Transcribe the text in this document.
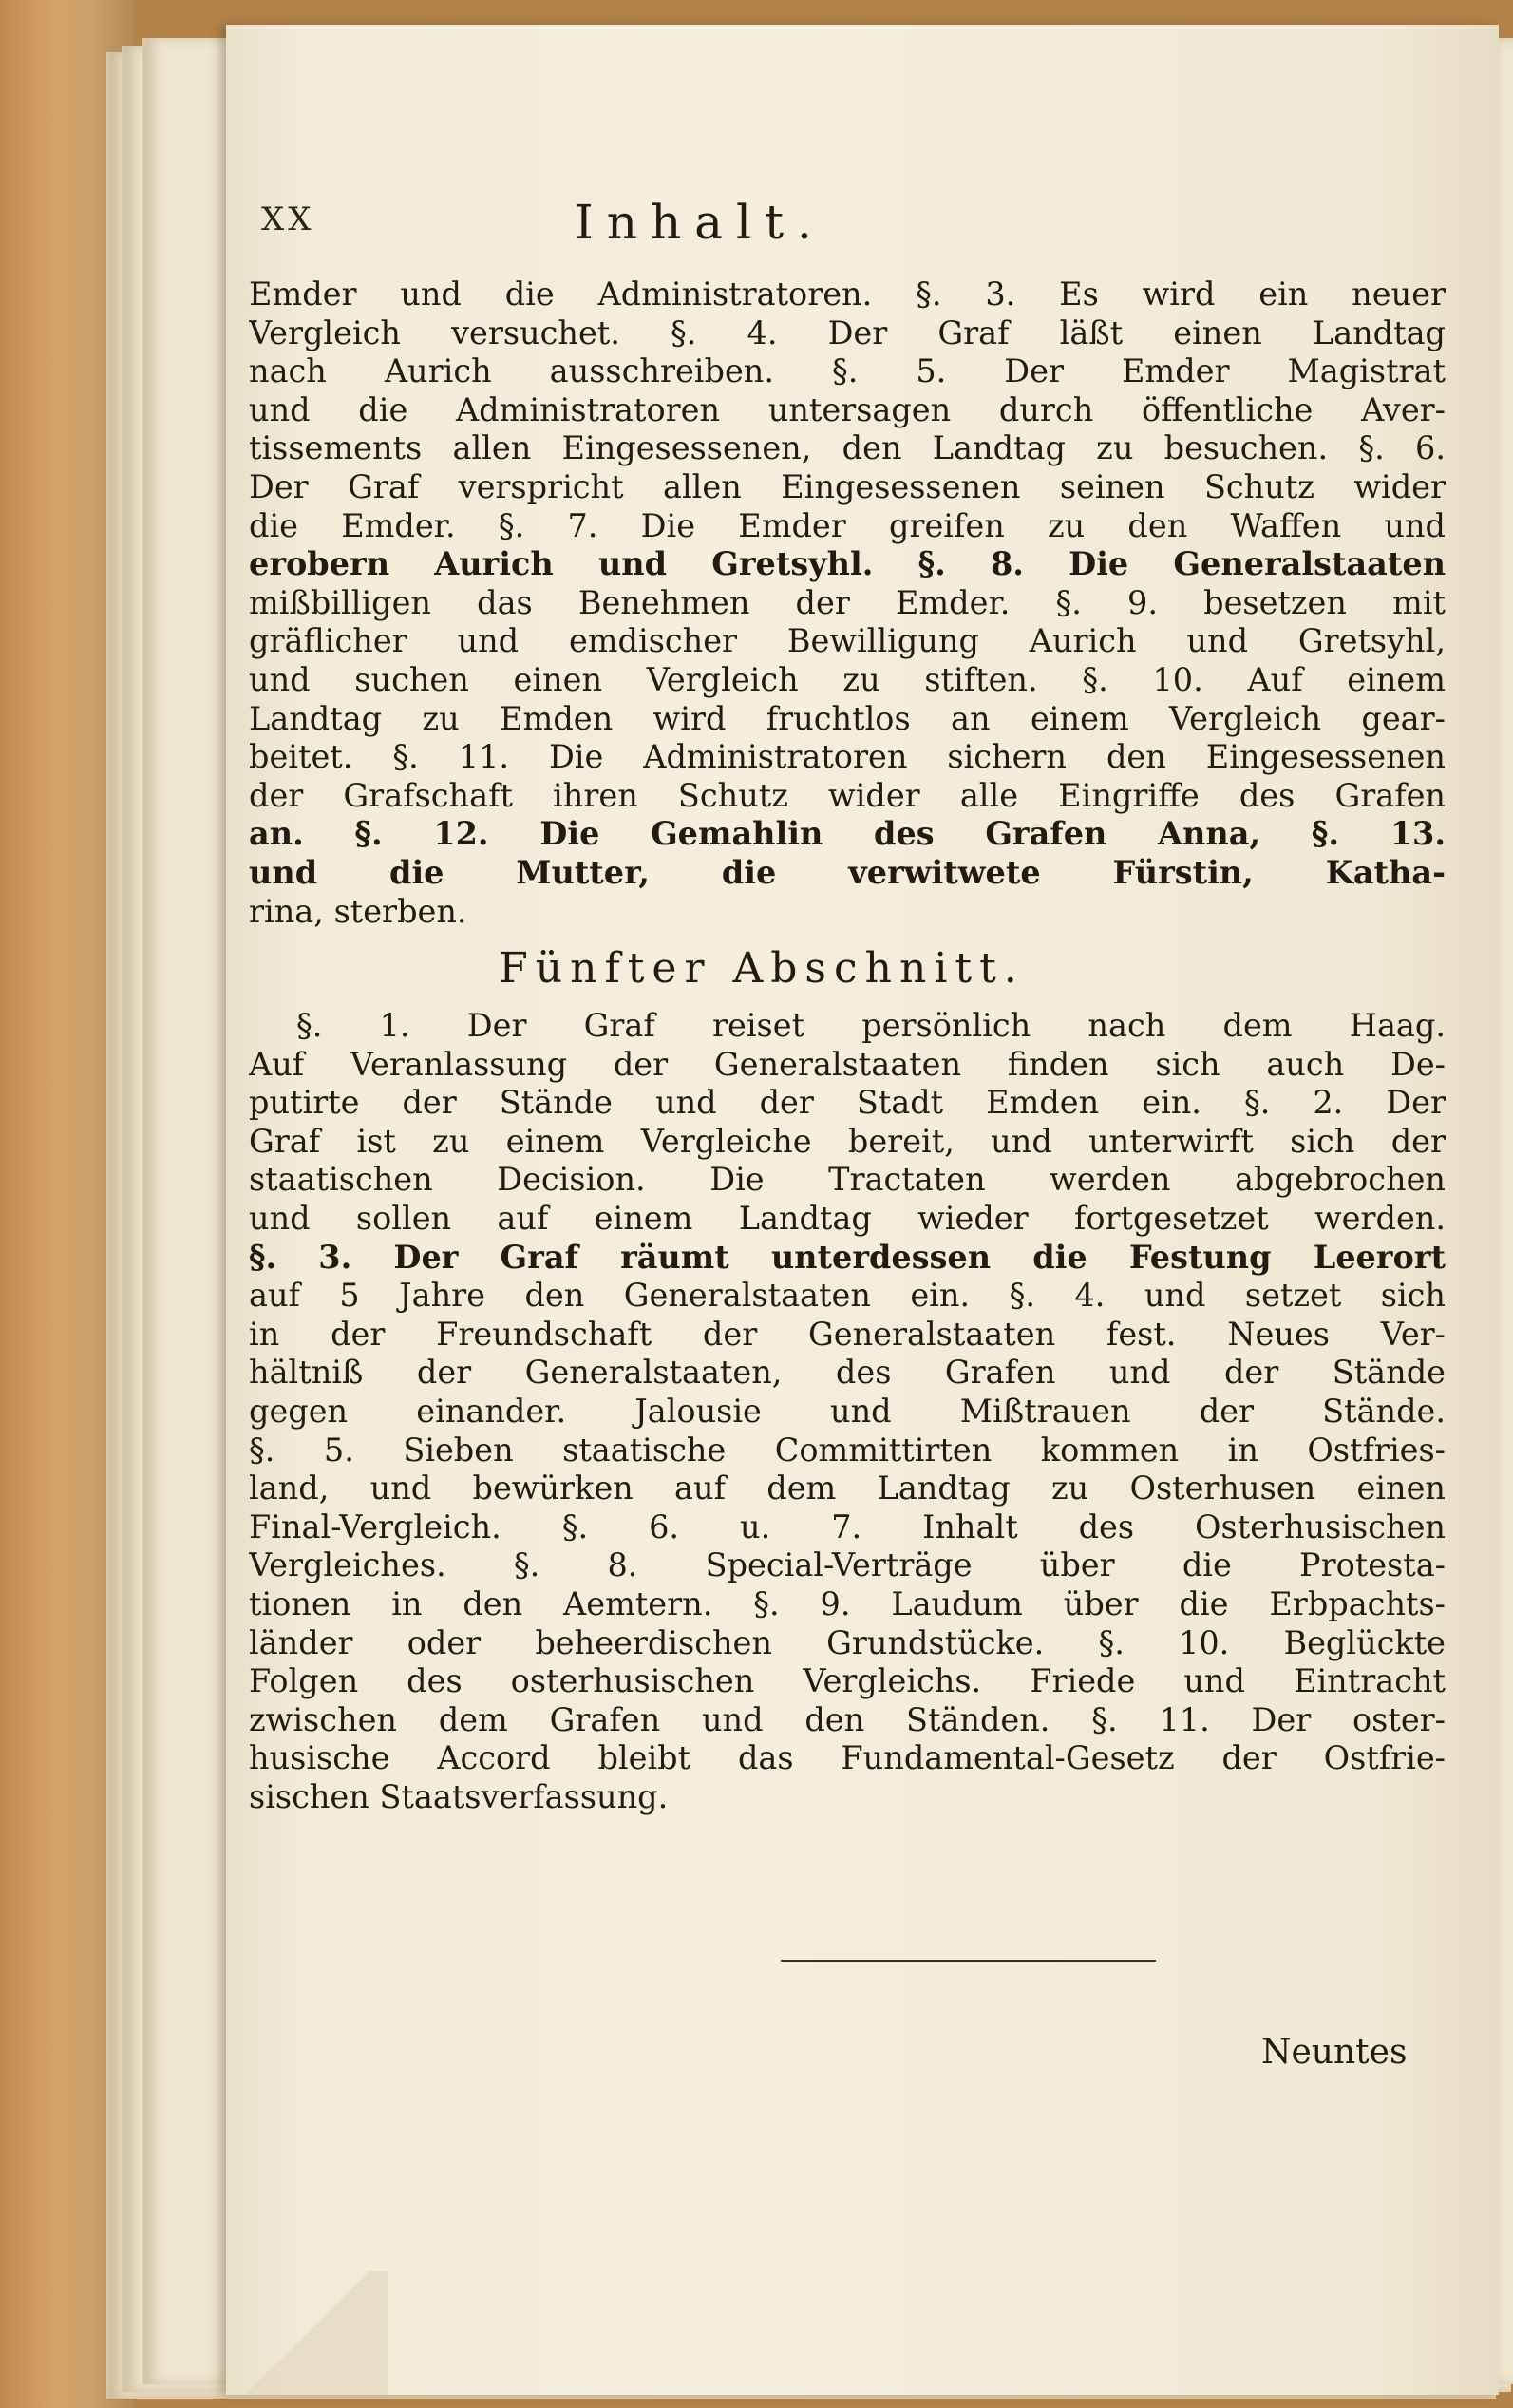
XX	Inhalt.
Emder und die Administratoren. §. 3. Es wird ein neuer
Vergleich versuchet. §. 4. Der Graf läßt einen Landtag
nach Aurich ausschreiben. §. 5. Der Emder Magistrat
und die Administratoren untersagen durch öffentliche Aver-
tissements allen Eingesessenen, den Landtag zu besuchen. §. 6.
Der Graf verspricht allen Eingesessenen seinen Schutz wider
die Emder. §. 7. Die Emder greifen zu den Waffen und
erobern Aurich und Gretsyhl. §. 8. Die Generalstaaten
mißbilligen das Benehmen der Emder. §. 9. besetzen mit
gräflicher und emdischer Bewilligung Aurich und Gretsyhl,
und suchen einen Vergleich zu stiften. §. 10. Auf einem
Landtag zu Emden wird fruchtlos an einem Vergleich gear-
beitet. §. 11. Die Administratoren sichern den Eingesessenen
der Grafschaft ihren Schutz wider alle Eingriffe des Grafen
an. §. 12. Die Gemahlin des Grafen Anna, §. 13.
und die Mutter, die verwitwete Fürstin, Katha-
rina, sterben.
Fünfter Abschnitt.
§. 1. Der Graf reiset persönlich nach dem Haag.
Auf Veranlassung der Generalstaaten finden sich auch De-
putirte der Stände und der Stadt Emden ein. §. 2. Der
Graf ist zu einem Vergleiche bereit, und unterwirft sich der
staatischen Decision. Die Tractaten werden abgebrochen
und sollen auf einem Landtag wieder fortgesetzet werden.
§. 3. Der Graf räumt unterdessen die Festung Leerort
auf 5 Jahre den Generalstaaten ein. §. 4. und setzet sich
in der Freundschaft der Generalstaaten fest. Neues Ver-
hältniß der Generalstaaten, des Grafen und der Stände
gegen einander. Jalousie und Mißtrauen der Stände.
§. 5. Sieben staatische Committirten kommen in Ostfries-
land, und bewürken auf dem Landtag zu Osterhusen einen
Final-Vergleich. §. 6. u. 7. Inhalt des Osterhusischen
Vergleiches. §. 8. Special-Verträge über die Protesta-
tionen in den Aemtern. §. 9. Laudum über die Erbpachts-
länder oder beheerdischen Grundstücke. §. 10. Beglückte
Folgen des osterhusischen Vergleichs. Friede und Eintracht
zwischen dem Grafen und den Ständen. §. 11. Der oster-
husische Accord bleibt das Fundamental-Gesetz der Ostfrie-
sischen Staatsverfassung.
Neuntes
